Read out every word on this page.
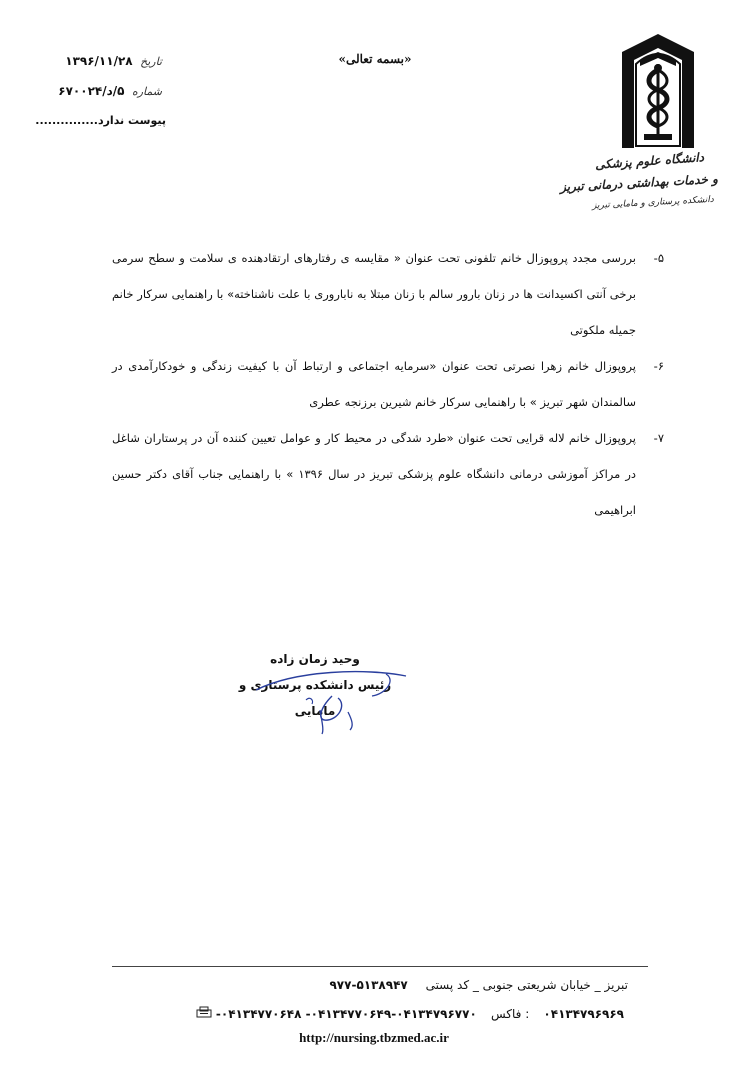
دانشگاه علوم پزشکی
و خدمات بهداشتی درمانی تبریز
دانشکده پرستاری و مامایی تبریز
«بسمه تعالی»
تاریخ ۱۳۹۶/۱۱/۲۸
شماره ۵/د/۶۷۰۰۲۴
پیوست ندارد...............
۵-
بررسی مجدد پروپوزال خانم تلفونی تحت عنوان « مقایسه ی رفتارهای ارتقادهنده ی سلامت و سطح سرمی برخی آنتی اکسیدانت ها در زنان بارور سالم با زنان مبتلا به ناباروری با علت ناشناخته» با راهنمایی سرکار خانم جمیله ملکوتی
۶-
پروپوزال خانم زهرا نصرتی تحت عنوان «سرمایه اجتماعی و ارتباط آن با کیفیت زندگی و خودکارآمدی در سالمندان شهر تبریز » با راهنمایی سرکار خانم شیرین برزنجه عطری
۷-
پروپوزال خانم لاله قرایی تحت عنوان «طرد شدگی در محیط کار و عوامل تعیین کننده آن در پرستاران شاغل در مراکز آموزشی درمانی دانشگاه علوم پزشکی تبریز در سال ۱۳۹۶ » با راهنمایی جناب آقای دکتر حسین ابراهیمی
وحید زمان زاده
رئیس دانشکده پرستاری و مامایی
تبریز _ خیابان شریعتی جنوبی _ کد پستی ۵۱۳۸۹۴۷-۹۷۷
۰۴۱۳۴۷۹۶۹۶۹ : فاکس ۰۴۱۳۴۷۹۶۷۷۰-۰۴۱۳۴۷۷۰۶۴۹- ۰۴۱۳۴۷۷۰۶۴۸-
http://nursing.tbzmed.ac.ir
